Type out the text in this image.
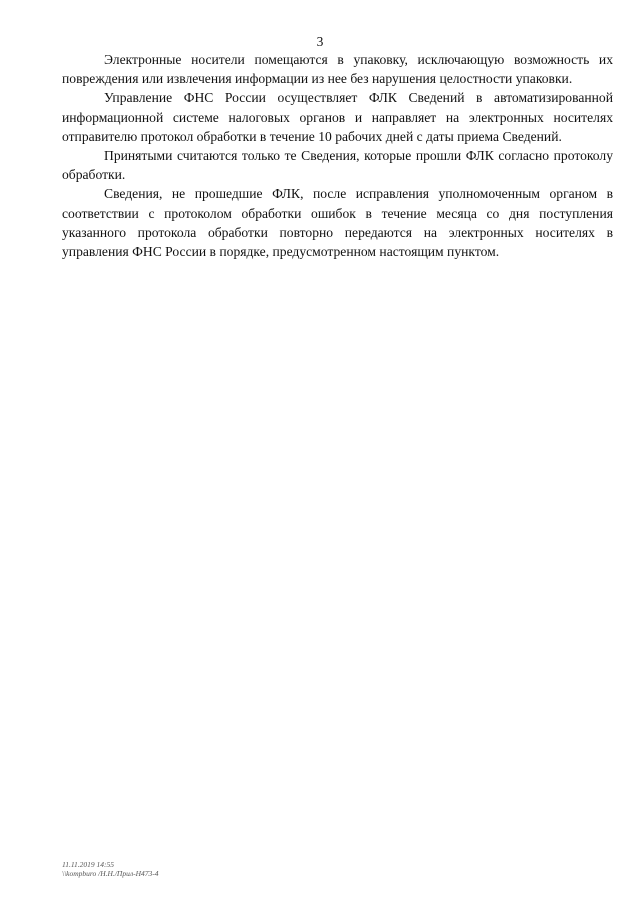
3

Электронные носители помещаются в упаковку, исключающую возможность их повреждения или извлечения информации из нее без нарушения целостности упаковки.

Управление ФНС России осуществляет ФЛК Сведений в автоматизированной информационной системе налоговых органов и направляет на электронных носителях отправителю протокол обработки в течение 10 рабочих дней с даты приема Сведений.

Принятыми считаются только те Сведения, которые прошли ФЛК согласно протоколу обработки.

Сведения, не прошедшие ФЛК, после исправления уполномоченным органом в соответствии с протоколом обработки ошибок в течение месяца со дня поступления указанного протокола обработки повторно передаются на электронных носителях в управления ФНС России в порядке, предусмотренном настоящим пунктом.

11.11.2019 14:55
\\kompburo /Н.Н./Прил-Н473-4
